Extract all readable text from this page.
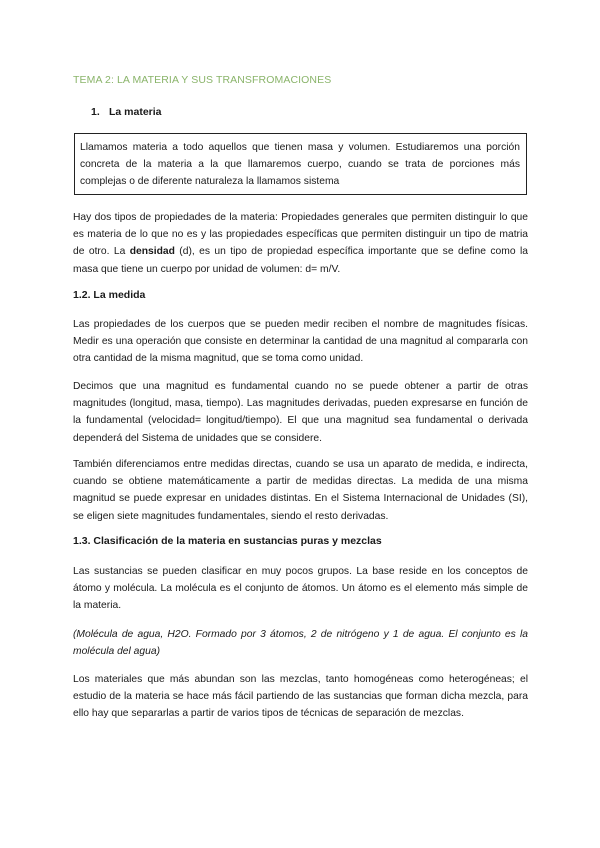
TEMA 2: LA MATERIA Y SUS TRANSFROMACIONES
1. La materia
Llamamos materia a todo aquellos que tienen masa y volumen. Estudiaremos una porción concreta de la materia a la que llamaremos cuerpo, cuando se trata de porciones más complejas o de diferente naturaleza la llamamos sistema
Hay dos tipos de propiedades de la materia: Propiedades generales que permiten distinguir lo que es materia de lo que no es y las propiedades específicas que permiten distinguir un tipo de matria de otro. La densidad (d), es un tipo de propiedad específica importante que se define como la masa que tiene un cuerpo por unidad de volumen: d= m/V.
1.2. La medida
Las propiedades de los cuerpos que se pueden medir reciben el nombre de magnitudes físicas. Medir es una operación que consiste en determinar la cantidad de una magnitud al compararla con otra cantidad de la misma magnitud, que se toma como unidad.
Decimos que una magnitud es fundamental cuando no se puede obtener a partir de otras magnitudes (longitud, masa, tiempo). Las magnitudes derivadas, pueden expresarse en función de la fundamental (velocidad= longitud/tiempo). El que una magnitud sea fundamental o derivada dependerá del Sistema de unidades que se considere.
También diferenciamos entre medidas directas, cuando se usa un aparato de medida, e indirecta, cuando se obtiene matemáticamente a partir de medidas directas. La medida de una misma magnitud se puede expresar en unidades distintas. En el Sistema Internacional de Unidades (SI), se eligen siete magnitudes fundamentales, siendo el resto derivadas.
1.3. Clasificación de la materia en sustancias puras y mezclas
Las sustancias se pueden clasificar en muy pocos grupos. La base reside en los conceptos de átomo y molécula. La molécula es el conjunto de átomos. Un átomo es el elemento más simple de la materia.
(Molécula de agua, H2O. Formado por 3 átomos, 2 de nitrógeno y 1 de agua. El conjunto es la molécula del agua)
Los materiales que más abundan son las mezclas, tanto homogéneas como heterogéneas; el estudio de la materia se hace más fácil partiendo de las sustancias que forman dicha mezcla, para ello hay que separarlas a partir de varios tipos de técnicas de separación de mezclas.
